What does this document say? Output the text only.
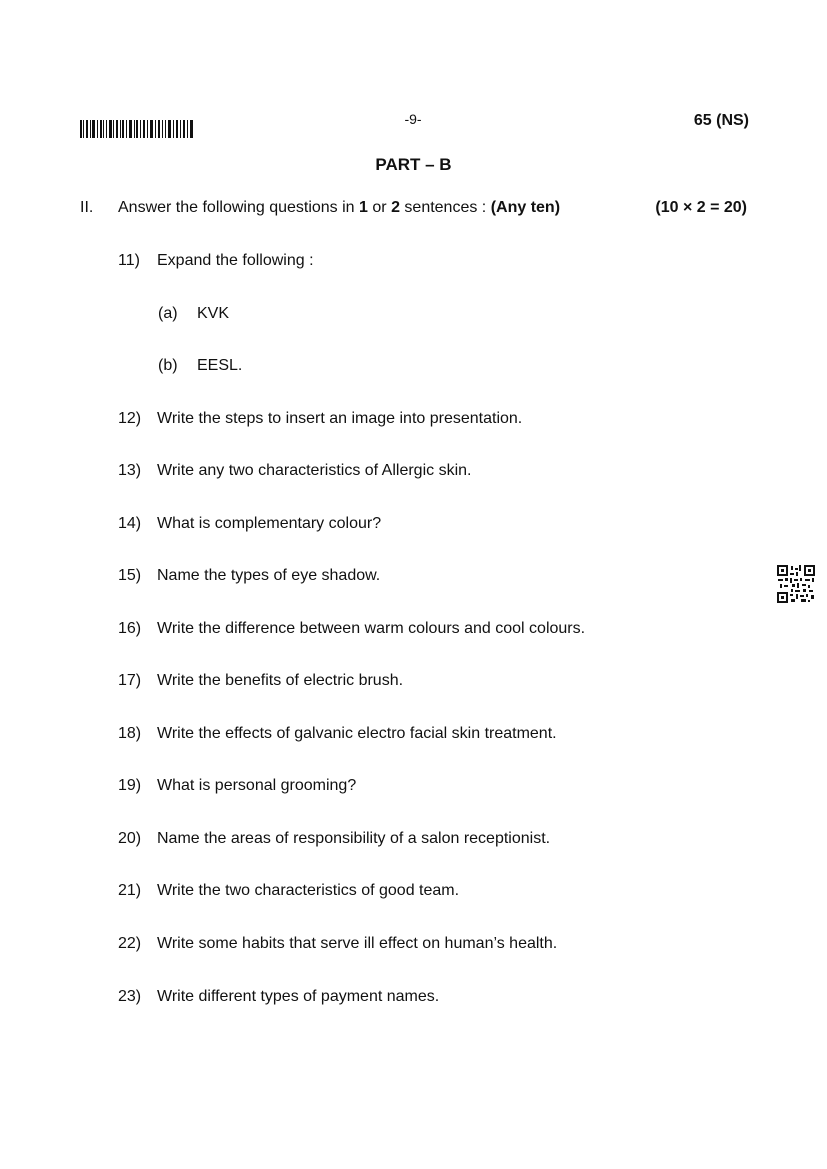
-9-	65 (NS)
PART – B
II. Answer the following questions in 1 or 2 sentences : (Any ten)	(10 × 2 = 20)
11)	Expand the following :
(a) KVK
(b) EESL.
12) Write the steps to insert an image into presentation.
13) Write any two characteristics of Allergic skin.
14) What is complementary colour?
15) Name the types of eye shadow.
16) Write the difference between warm colours and cool colours.
17) Write the benefits of electric brush.
18) Write the effects of galvanic electro facial skin treatment.
19) What is personal grooming?
20) Name the areas of responsibility of a salon receptionist.
21) Write the two characteristics of good team.
22) Write some habits that serve ill effect on human’s health.
23) Write different types of payment names.
